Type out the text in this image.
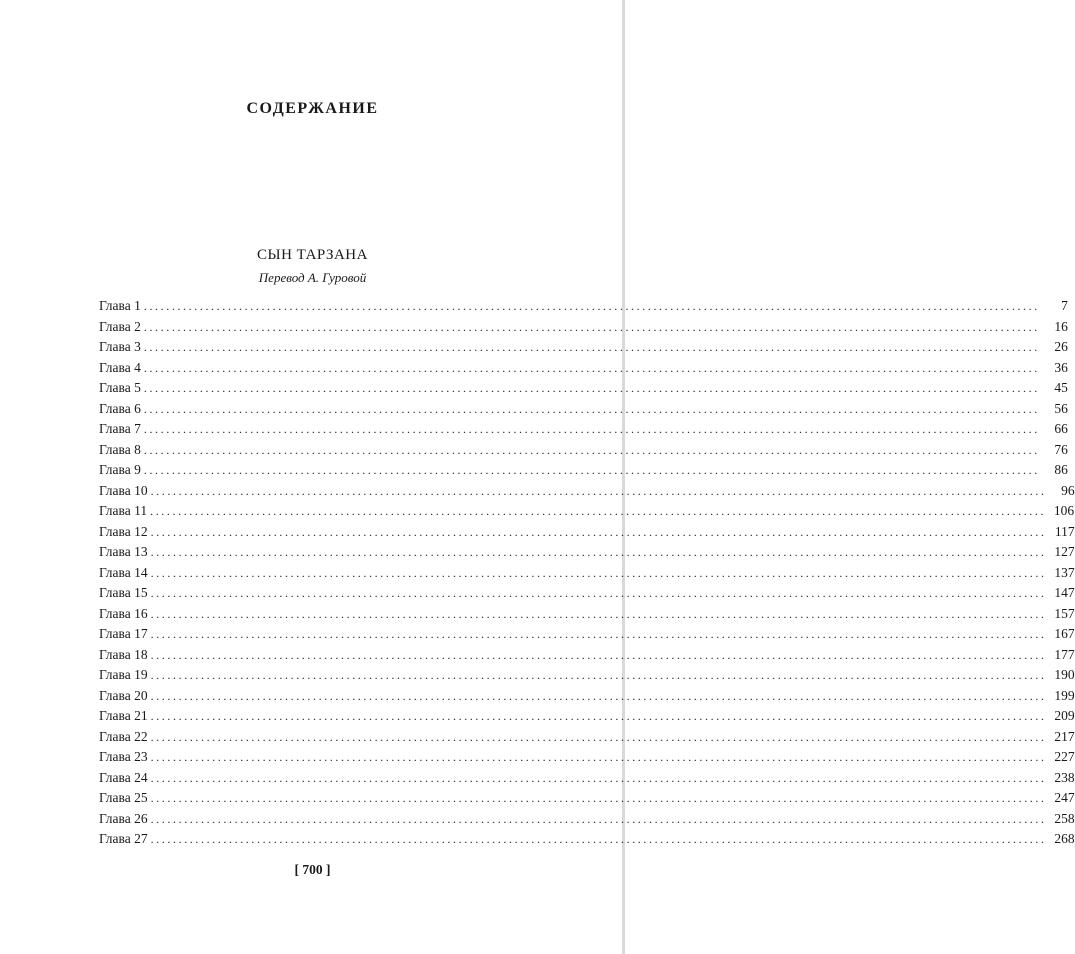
СОДЕРЖАНИЕ
СЫН ТАРЗАНА
Перевод А. Гуровой
Глава 1 ................................................................................................................................................................	7
Глава 2 ................................................................................................................................................................	16
Глава 3 ................................................................................................................................................................	26
Глава 4 ................................................................................................................................................................	36
Глава 5 ................................................................................................................................................................	45
Глава 6 ................................................................................................................................................................	56
Глава 7 ................................................................................................................................................................	66
Глава 8 ................................................................................................................................................................	76
Глава 9 ................................................................................................................................................................	86
Глава 10 ................................................................................................................................................................	96
Глава 11 ................................................................................................................................................................ 106
Глава 12 ................................................................................................................................................................ 117
Глава 13 ................................................................................................................................................................ 127
Глава 14 ................................................................................................................................................................ 137
Глава 15 ................................................................................................................................................................ 147
Глава 16 ................................................................................................................................................................ 157
Глава 17 ................................................................................................................................................................ 167
Глава 18 ................................................................................................................................................................ 177
Глава 19 ................................................................................................................................................................ 190
Глава 20 ................................................................................................................................................................ 199
Глава 21 ................................................................................................................................................................ 209
Глава 22 ................................................................................................................................................................ 217
Глава 23 ................................................................................................................................................................ 227
Глава 24 ................................................................................................................................................................ 238
Глава 25 ................................................................................................................................................................ 247
Глава 26 ................................................................................................................................................................ 258
Глава 27 ................................................................................................................................................................ 268
[ 700 ]
